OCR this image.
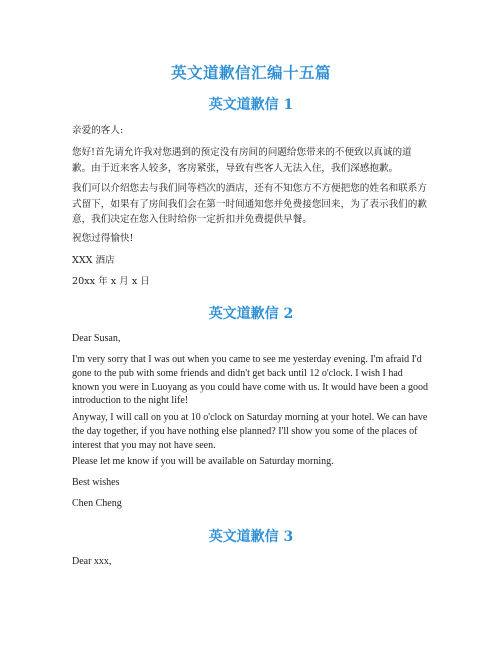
英文道歉信汇编十五篇
英文道歉信 1
亲爱的客人:
您好!首先请允许我对您遇到的预定没有房间的问题给您带来的不便致以真诚的道歉。由于近来客人较多，客房紧张，导致有些客人无法入住，我们深感抱歉。
我们可以介绍您去与我们同等档次的酒店，还有不知您方不方便把您的姓名和联系方式留下，如果有了房间我们会在第一时间通知您并免费接您回来，为了表示我们的歉意，我们决定在您入住时给你一定折扣并免费提供早餐。
祝您过得愉快!
XXX 酒店
20xx 年 x 月 x 日
英文道歉信 2
Dear Susan,
I'm very sorry that I was out when you came to see me yesterday evening. I'm afraid I'd gone to the pub with some friends and didn't get back until 12 o'clock. I wish I had known you were in Luoyang as you could have come with us. It would have been a good introduction to the night life!
Anyway, I will call on you at 10 o'clock on Saturday morning at your hotel. We can have the day together, if you have nothing else planned? I'll show you some of the places of interest that you may not have seen.
Please let me know if you will be available on Saturday morning.
Best wishes
Chen Cheng
英文道歉信 3
Dear xxx,
